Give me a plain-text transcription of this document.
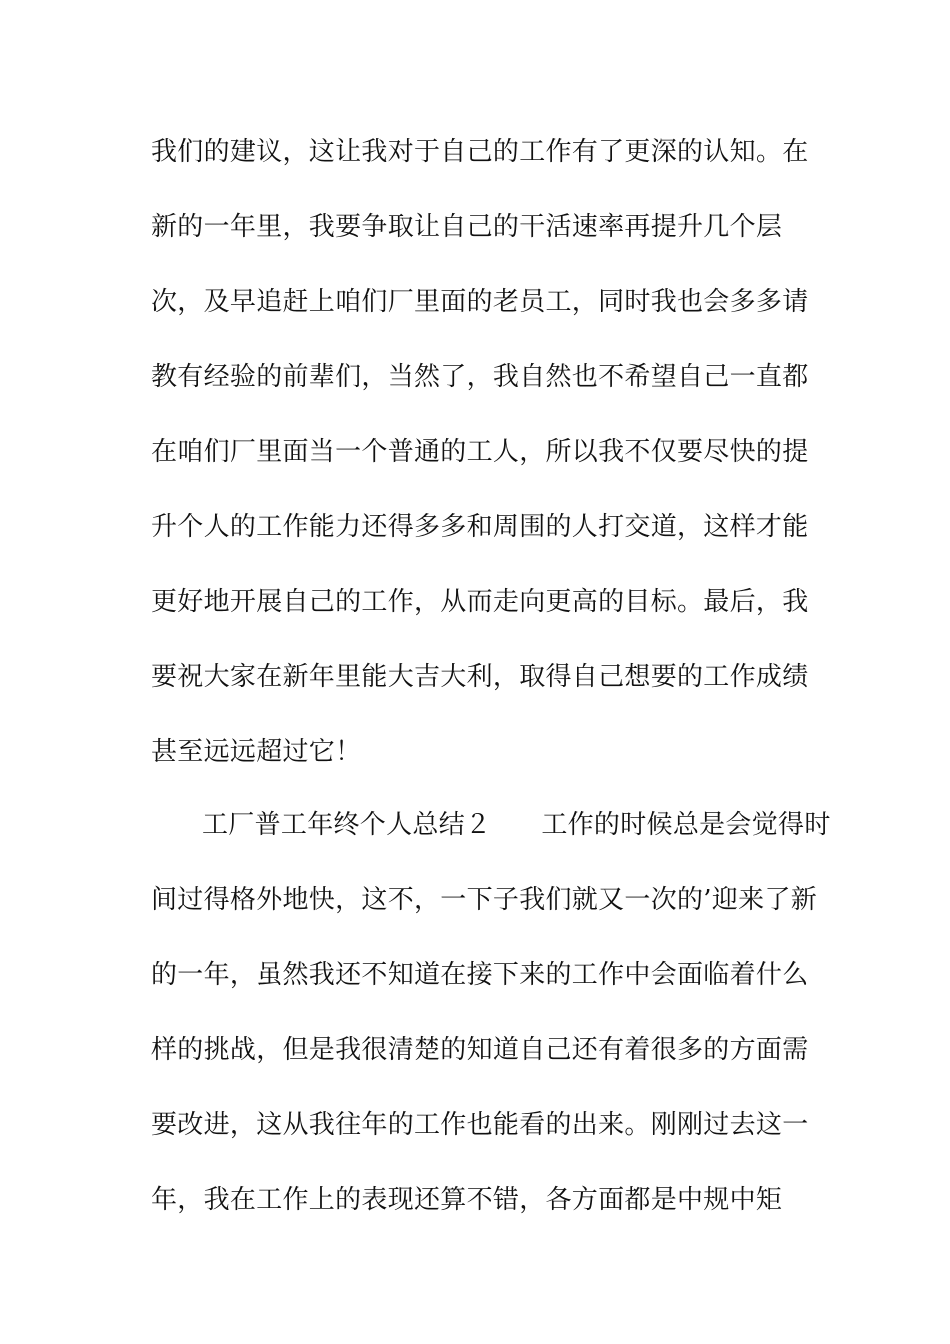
我们的建议，这让我对于自己的工作有了更深的认知。在

新的一年里，我要争取让自己的干活速率再提升几个层

次，及早追赶上咱们厂里面的老员工，同时我也会多多请

教有经验的前辈们，当然了，我自然也不希望自己一直都

在咱们厂里面当一个普通的工人，所以我不仅要尽快的提

升个人的工作能力还得多多和周围的人打交道，这样才能

更好地开展自己的工作，从而走向更高的目标。最后，我

要祝大家在新年里能大吉大利，取得自己想要的工作成绩

甚至远远超过它！

工厂普工年终个人总结２ 工作的时候总是会觉得时

间过得格外地快，这不，一下子我们就又一次的’迎来了新

的一年，虽然我还不知道在接下来的工作中会面临着什么

样的挑战，但是我很清楚的知道自己还有着很多的方面需

要改进，这从我往年的工作也能看的出来。刚刚过去这一

年，我在工作上的表现还算不错，各方面都是中规中矩
